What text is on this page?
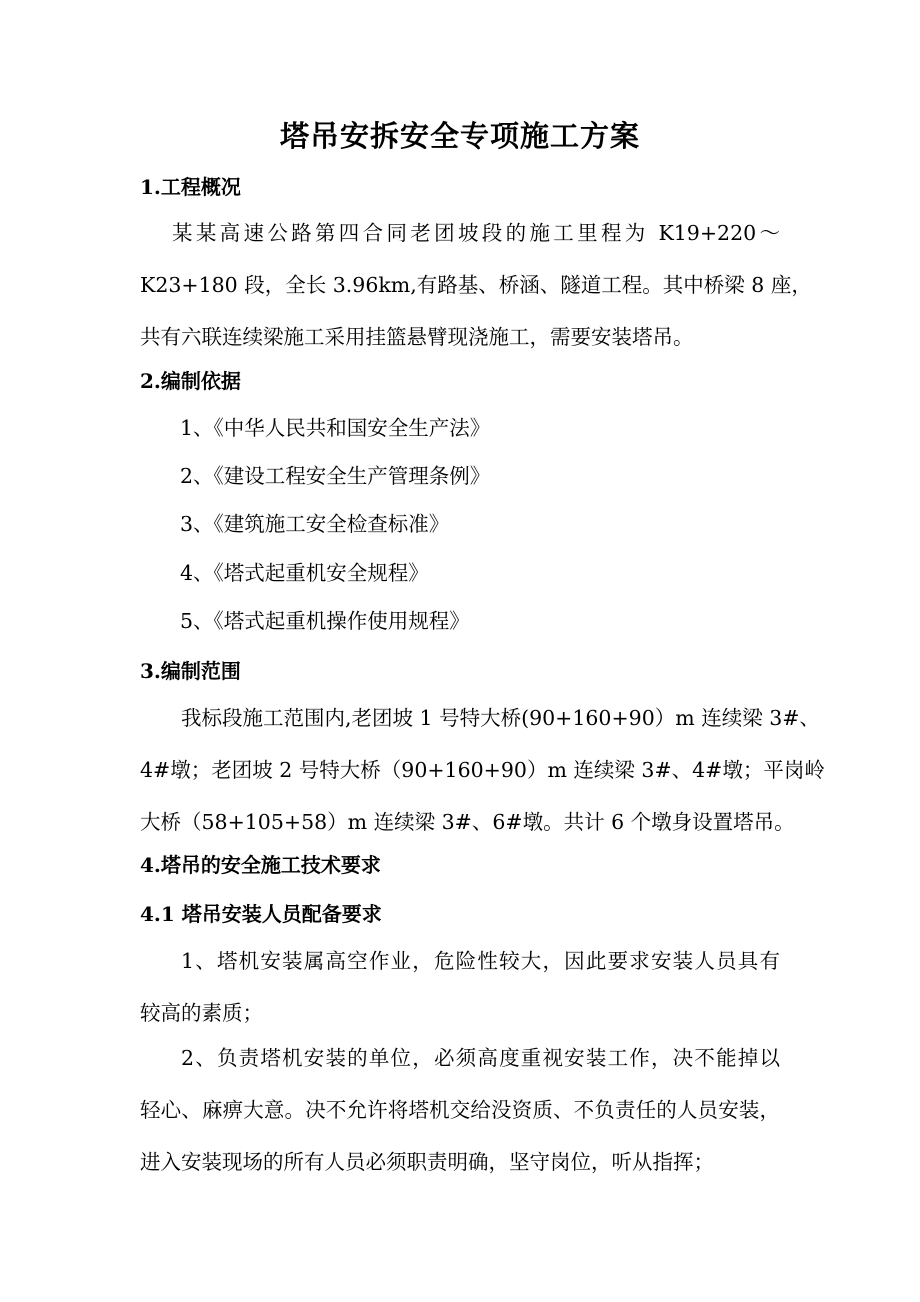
塔吊安拆安全专项施工方案
1.工程概况
某某高速公路第四合同老团坡段的施工里程为 K19+220～
K23+180 段，全长 3.96km,有路基、桥涵、隧道工程。其中桥梁 8 座，
共有六联连续梁施工采用挂篮悬臂现浇施工，需要安装塔吊。
2.编制依据
1、《中华人民共和国安全生产法》
2、《建设工程安全生产管理条例》
3、《建筑施工安全检查标准》
4、《塔式起重机安全规程》
5、《塔式起重机操作使用规程》
3.编制范围
我标段施工范围内,老团坡 1 号特大桥(90+160+90）m 连续梁 3#、
4#墩；老团坡 2 号特大桥（90+160+90）m 连续梁 3#、4#墩；平岗岭
大桥（58+105+58）m 连续梁 3#、6#墩。共计 6 个墩身设置塔吊。
4.塔吊的安全施工技术要求
4.1 塔吊安装人员配备要求
1、塔机安装属高空作业，危险性较大，因此要求安装人员具有
较高的素质；
2、负责塔机安装的单位，必须高度重视安装工作，决不能掉以
轻心、麻痹大意。决不允许将塔机交给没资质、不负责任的人员安装，
进入安装现场的所有人员必须职责明确，坚守岗位，听从指挥；
